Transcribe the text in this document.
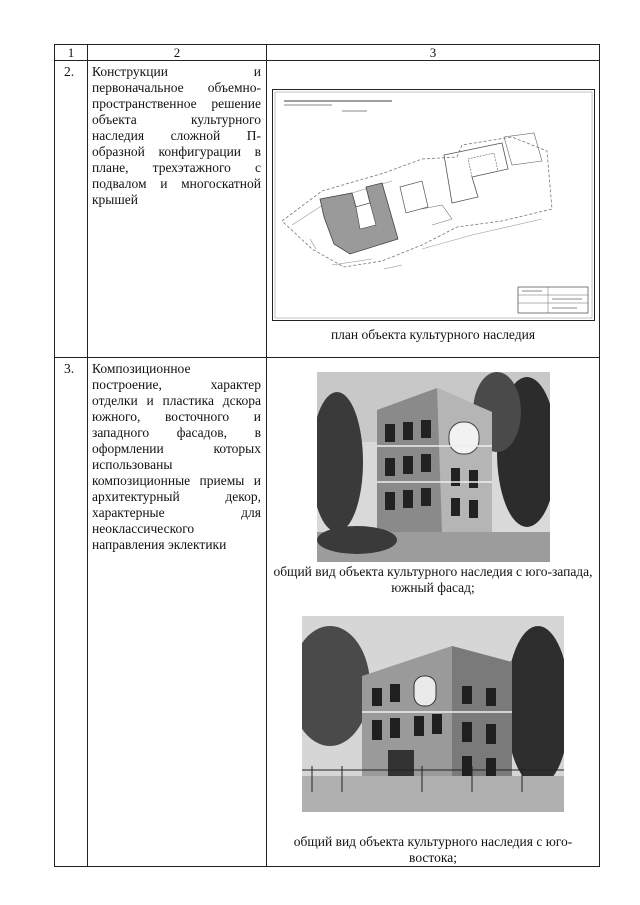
1	2	3
2.	Конструкции и первоначальное объемно-пространственное решение объекта культурного наследия сложной П-образной конфигурации в плане, трехэтажного с подвалом и многоскатной крышей	план объекта культурного наследия

3.	Композиционное построение, характер отделки и пластика дскора южного, восточного и западного фасадов, в оформлении которых использованы композиционные приемы и архитектурный декор, характерные для неоклассического направления эклектики	общий вид объекта культурного наследия с юго-запада, южный фасад;
общий вид объекта культурного наследия с юго-востока;
